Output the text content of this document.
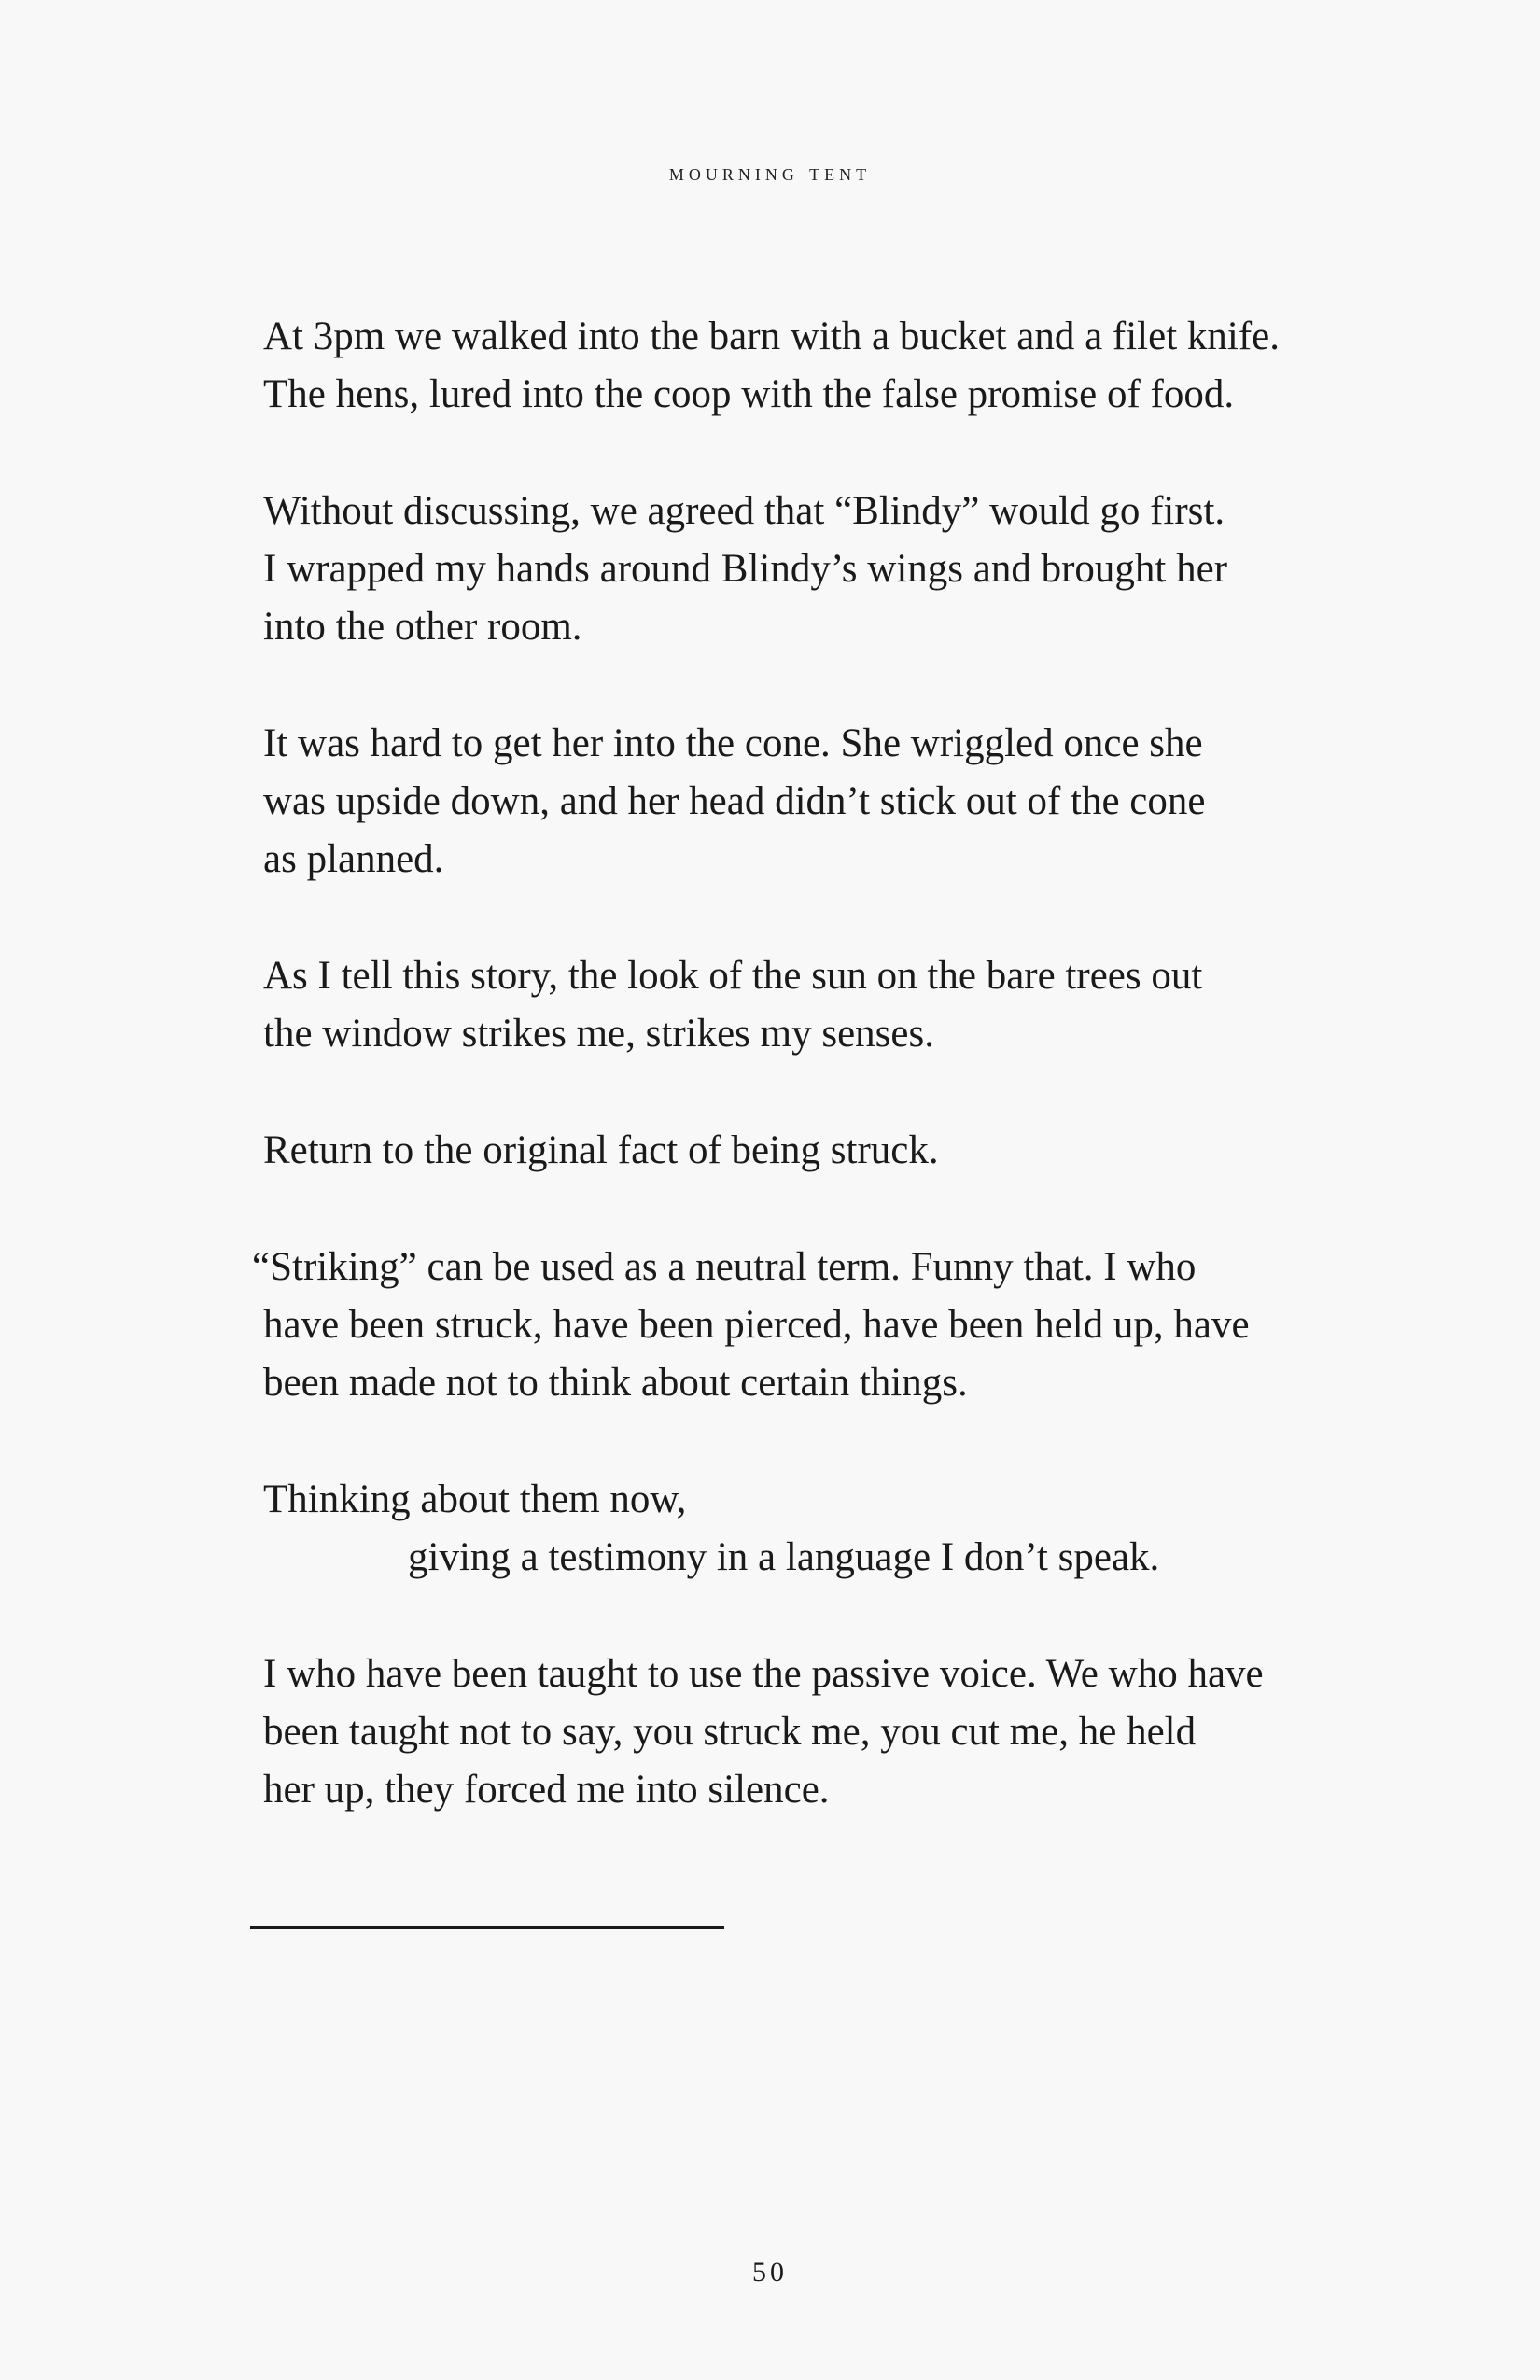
mourning tent
At 3pm we walked into the barn with a bucket and a filet knife.
The hens, lured into the coop with the false promise of food.
Without discussing, we agreed that “Blindy” would go first.
I wrapped my hands around Blindy’s wings and brought her
into the other room.
It was hard to get her into the cone. She wriggled once she
was upside down, and her head didn’t stick out of the cone
as planned.
As I tell this story, the look of the sun on the bare trees out
the window strikes me, strikes my senses.
Return to the original fact of being struck.
“Striking” can be used as a neutral term. Funny that. I who
have been struck, have been pierced, have been held up, have
been made not to think about certain things.
Thinking about them now,
giving a testimony in a language I don’t speak.
I who have been taught to use the passive voice. We who have
been taught not to say, you struck me, you cut me, he held
her up, they forced me into silence.
50
